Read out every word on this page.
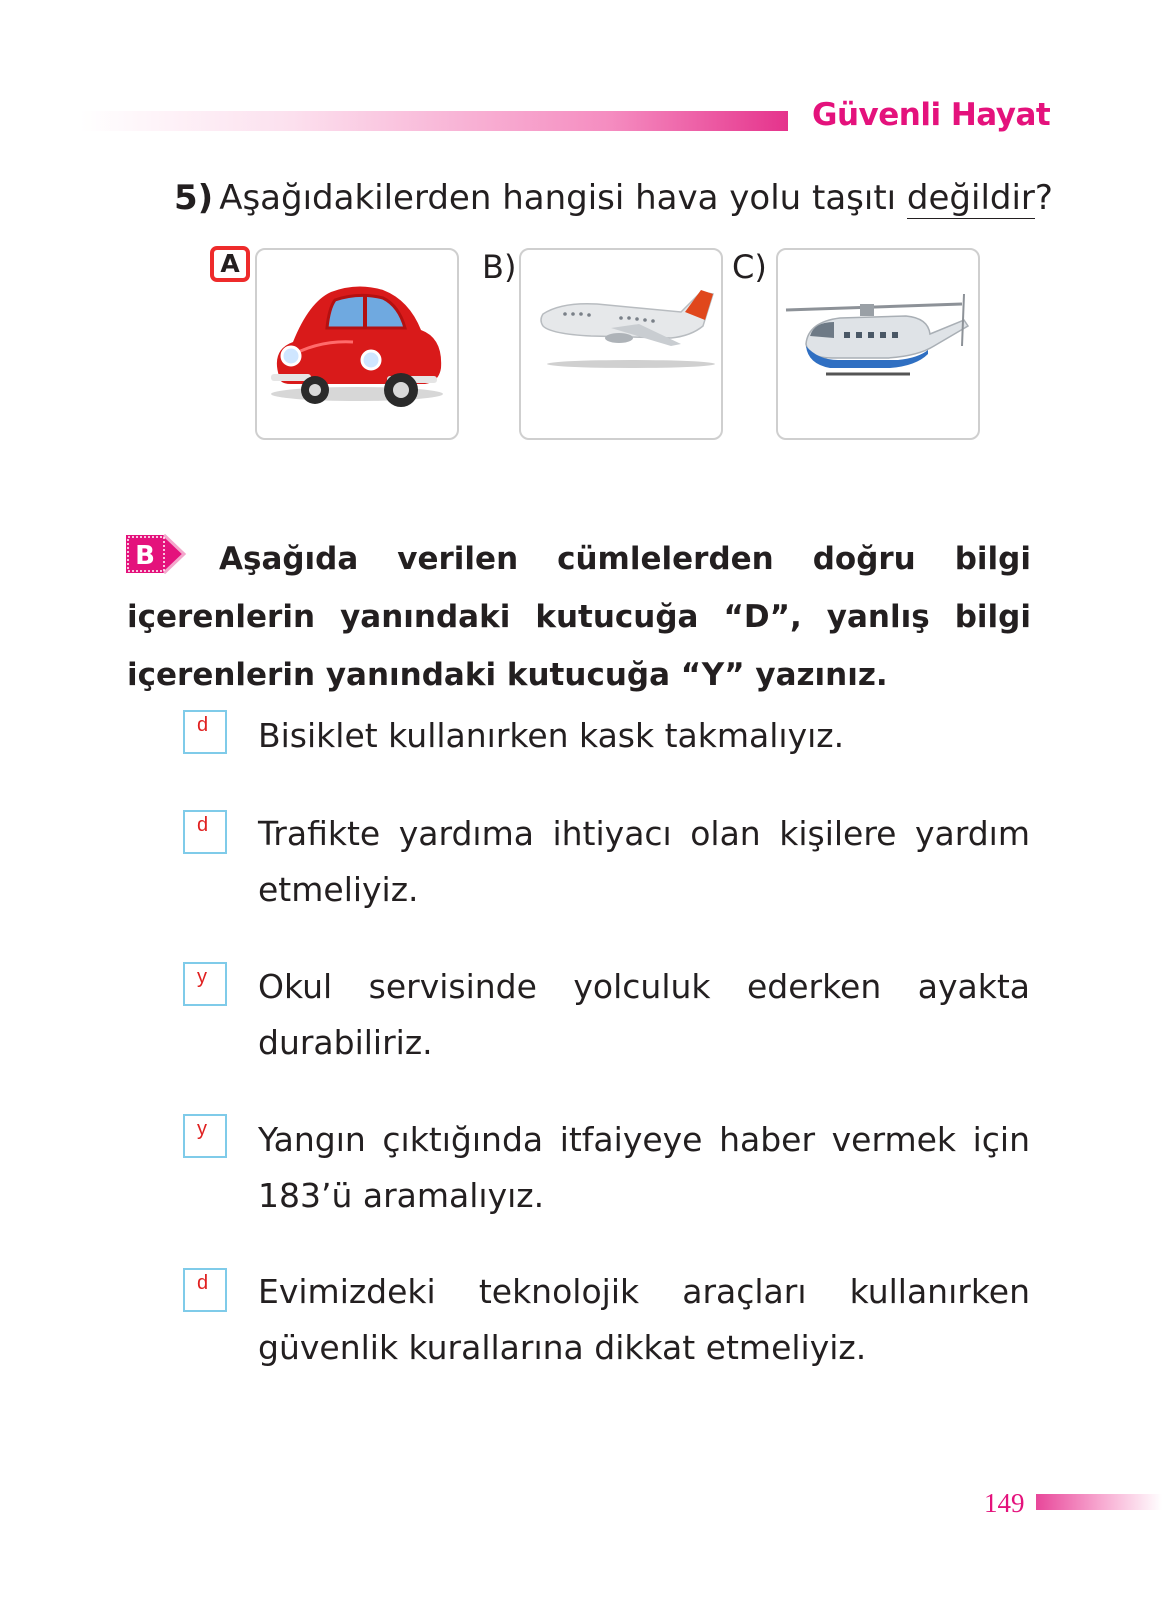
Güvenli Hayat
5) Aşağıdakilerden hangisi hava yolu taşıtı değildir?
A	B)	C)
B	Aşağıda verilen cümlelerden doğru bilgi içerenlerin yanındaki kutucuğa “D”, yanlış bilgi içerenlerin yanındaki kutucuğa “Y” yazınız.
d Bisiklet kullanırken kask takmalıyız.
d Trafikte yardıma ihtiyacı olan kişilere yardım etmeliyiz.
y Okul servisinde yolculuk ederken ayakta durabiliriz.
y Yangın çıktığında itfaiyeye haber vermek için 183’ü aramalıyız.
d Evimizdeki teknolojik araçları kullanırken güvenlik kurallarına dikkat etmeliyiz.
149
